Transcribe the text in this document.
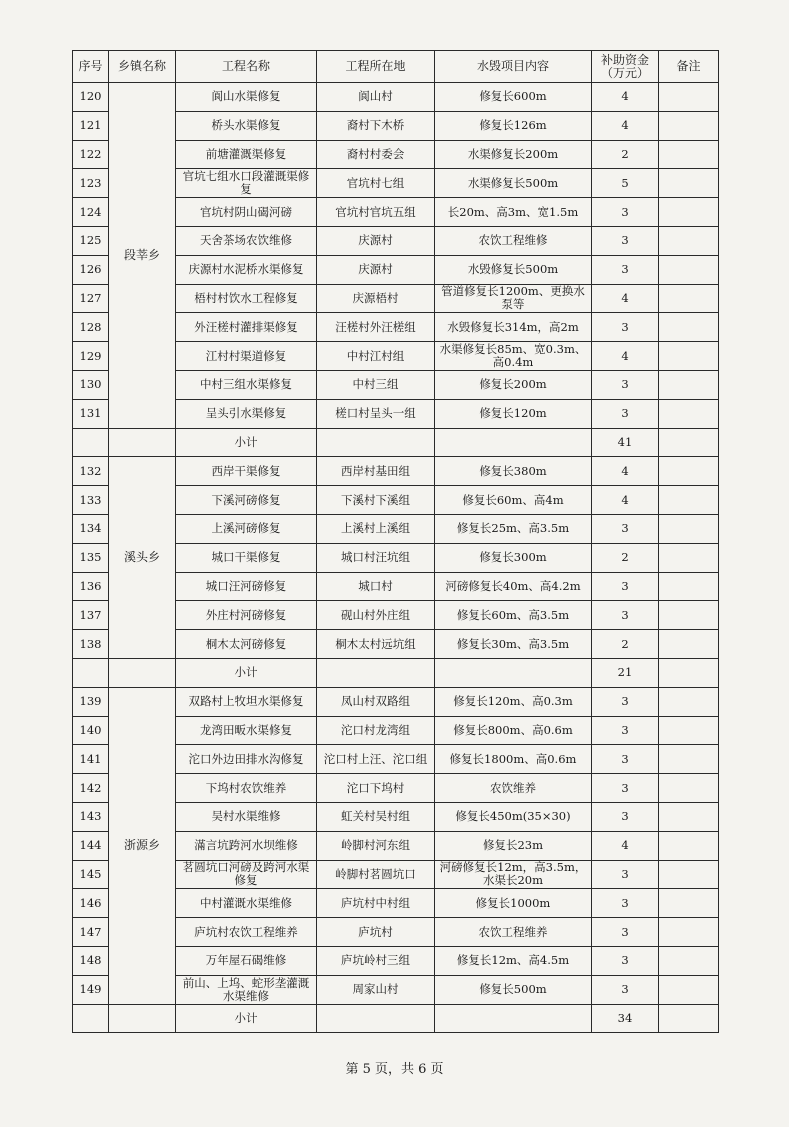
序号	乡镇名称	工程名称	工程所在地	水毁项目内容	补助资金（万元）	备注
120	段莘乡	阆山水渠修复	阆山村	修复长600m	4	
121		桥头水渠修复	裔村下木桥	修复长126m	4	
122		前塘灌溉渠修复	裔村村委会	水渠修复长200m	2	
123		官坑七组水口段灌溉渠修复	官坑村七组	水渠修复长500m	5	
124		官坑村阴山碣河磅	官坑村官坑五组	长20m、高3m、宽1.5m	3	
125		天舍茶场农饮维修	庆源村	农饮工程维修	3	
126		庆源村水泥桥水渠修复	庆源村	水毁修复长500m	3	
127		梧村村饮水工程修复	庆源梧村	管道修复长1200m、更换水泵等	4	
128		外汪槎村灌排渠修复	汪槎村外汪槎组	水毁修复长314m，高2m	3	
129		江村村渠道修复	中村江村组	水渠修复长85m、宽0.3m、高0.4m	4	
130		中村三组水渠修复	中村三组	修复长200m	3	
131		呈头引水渠修复	槎口村呈头一组	修复长120m	3	
		小计			41	
132	溪头乡	西岸干渠修复	西岸村基田组	修复长380m	4	
133		下溪河磅修复	下溪村下溪组	修复长60m、高4m	4	
134		上溪河磅修复	上溪村上溪组	修复长25m、高3.5m	3	
135		城口干渠修复	城口村汪坑组	修复长300m	2	
136		城口汪河磅修复	城口村	河磅修复长40m、高4.2m	3	
137		外庄村河磅修复	砚山村外庄组	修复长60m、高3.5m	3	
138		桐木太河磅修复	桐木太村远坑组	修复长30m、高3.5m	2	
		小计			21	
139	浙源乡	双路村上牧坦水渠修复	凤山村双路组	修复长120m、高0.3m	3	
140		龙湾田畈水渠修复	沱口村龙湾组	修复长800m、高0.6m	3	
141		沱口外边田排水沟修复	沱口村上汪、沱口组	修复长1800m、高0.6m	3	
142		下坞村农饮维养	沱口下坞村	农饮维养	3	
143		吴村水渠维修	虹关村吴村组	修复长450m(35×30)	3	
144		滿言坑跨河水坝维修	岭脚村河东组	修复长23m	4	
145		茗圆坑口河磅及跨河水渠修复	岭脚村茗圆坑口	河磅修复长12m，高3.5m，水渠长20m	3	
146		中村灌溉水渠维修	庐坑村中村组	修复长1000m	3	
147		庐坑村农饮工程维养	庐坑村	农饮工程维养	3	
148		万年屋石碣维修	庐坑岭村三组	修复长12m、高4.5m	3	
149		前山、上坞、蛇形垄灌溉水渠维修	周家山村	修复长500m	3	
		小计			34	
第 5 页，共 6 页
